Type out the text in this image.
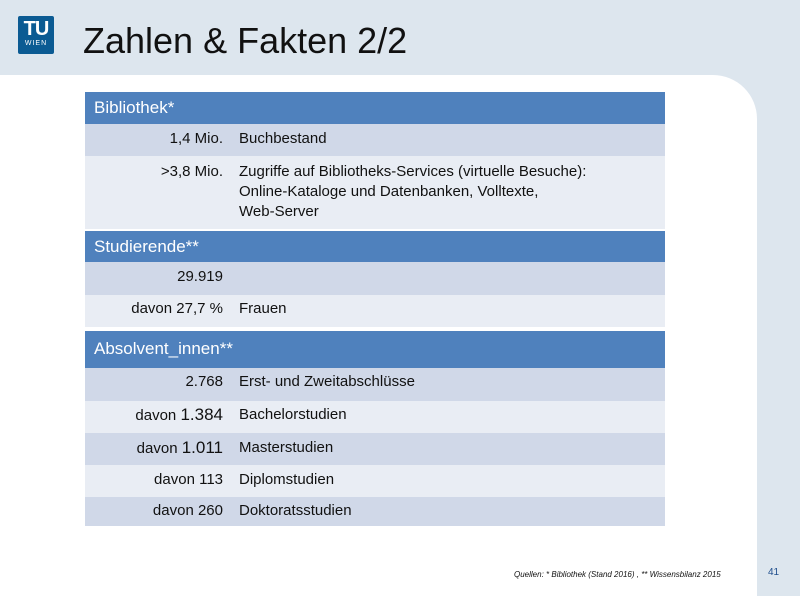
TU
WIEN Zahlen & Fakten 2/2
Bibliothek*
1,4 Mio.	Buchbestand
>3,8 Mio.	Zugriffe auf Bibliotheks-Services (virtuelle Besuche):
Online-Kataloge und Datenbanken, Volltexte,
Web-Server
Studierende**
29.919
davon 27,7 %	Frauen
Absolvent_innen**
2.768	Erst- und Zweitabschlüsse
davon 1.384	Bachelorstudien
davon 1.011	Masterstudien
davon 113	Diplomstudien
davon 260	Doktoratsstudien
Quellen: * Bibliothek (Stand 2016) , ** Wissensbilanz 2015	41
